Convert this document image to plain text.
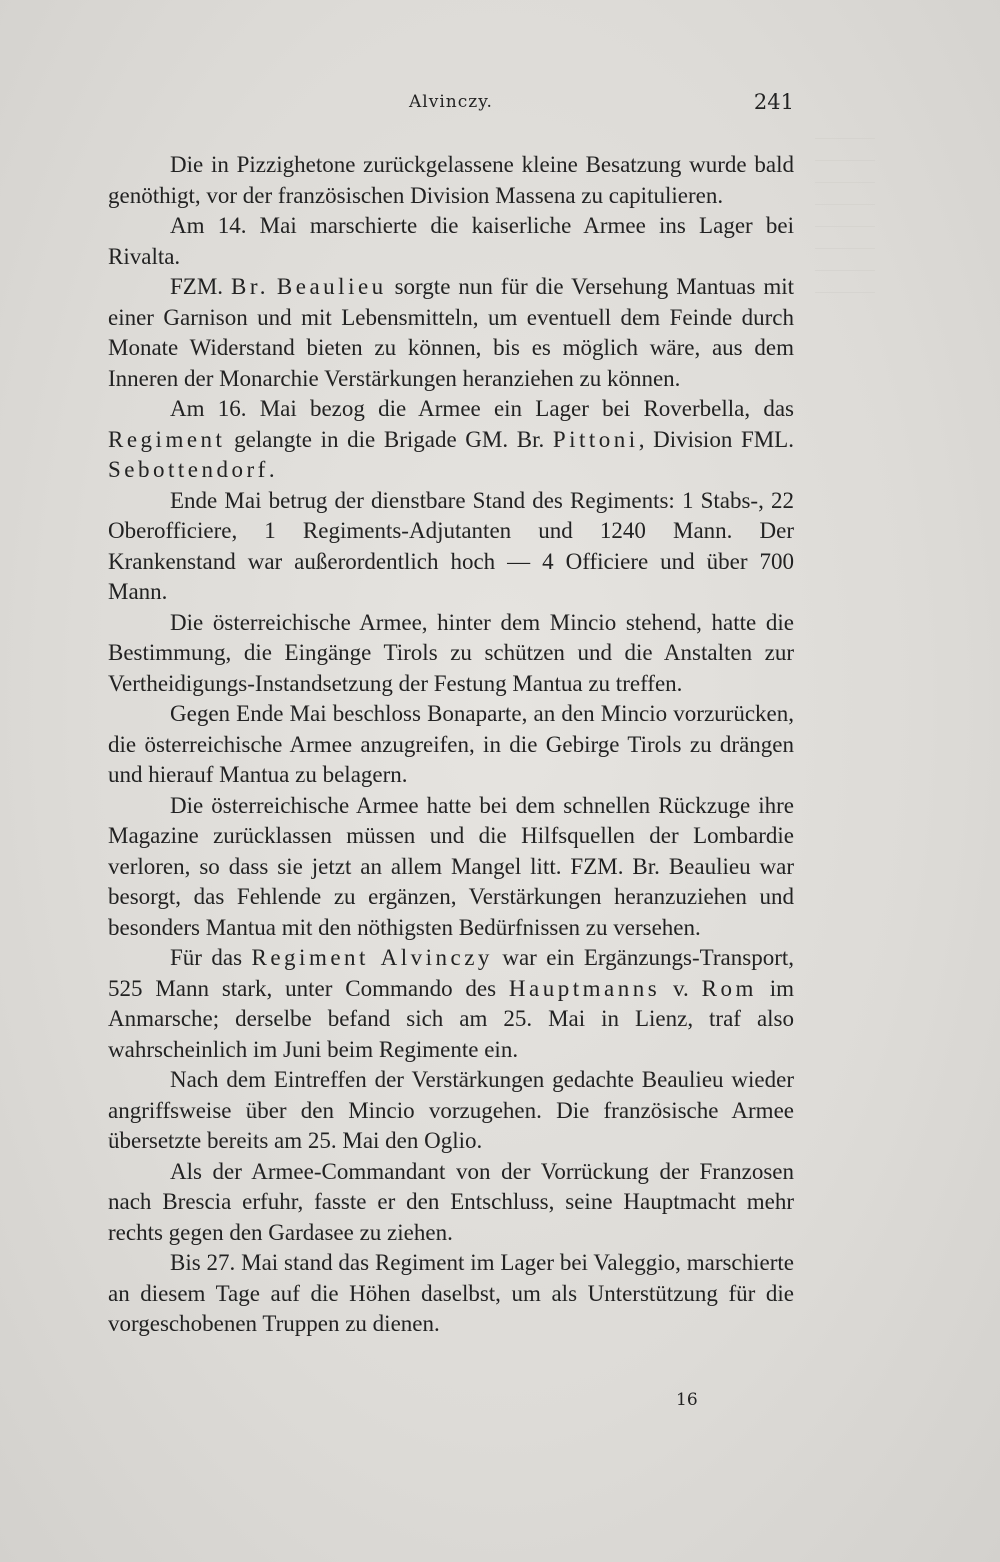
Alvinczy.	241

Die in Pizzighetone zurückgelassene kleine Besatzung wurde bald genöthigt, vor der französischen Division Massena zu capitulieren.

Am 14. Mai marschierte die kaiserliche Armee ins Lager bei Rivalta.

FZM. Br. Beaulieu sorgte nun für die Versehung Mantuas mit einer Garnison und mit Lebensmitteln, um eventuell dem Feinde durch Monate Widerstand bieten zu können, bis es möglich wäre, aus dem Inneren der Monarchie Verstärkungen heranziehen zu können.

Am 16. Mai bezog die Armee ein Lager bei Roverbella, das Regiment gelangte in die Brigade GM. Br. Pittoni, Division FML. Sebottendorf.

Ende Mai betrug der dienstbare Stand des Regiments: 1 Stabs-, 22 Oberofficiere, 1 Regiments-Adjutanten und 1240 Mann. Der Krankenstand war außerordentlich hoch — 4 Officiere und über 700 Mann.

Die österreichische Armee, hinter dem Mincio stehend, hatte die Bestimmung, die Eingänge Tirols zu schützen und die Anstalten zur Vertheidigungs-Instandsetzung der Festung Mantua zu treffen.

Gegen Ende Mai beschloss Bonaparte, an den Mincio vorzurücken, die österreichische Armee anzugreifen, in die Gebirge Tirols zu drängen und hierauf Mantua zu belagern.

Die österreichische Armee hatte bei dem schnellen Rückzuge ihre Magazine zurücklassen müssen und die Hilfsquellen der Lombardie verloren, so dass sie jetzt an allem Mangel litt. FZM. Br. Beaulieu war besorgt, das Fehlende zu ergänzen, Verstärkungen heranzuziehen und besonders Mantua mit den nöthigsten Bedürfnissen zu versehen.

Für das Regiment Alvinczy war ein Ergänzungs-Transport, 525 Mann stark, unter Commando des Hauptmanns v. Rom im Anmarsche; derselbe befand sich am 25. Mai in Lienz, traf also wahrscheinlich im Juni beim Regimente ein.

Nach dem Eintreffen der Verstärkungen gedachte Beaulieu wieder angriffsweise über den Mincio vorzugehen. Die französische Armee übersetzte bereits am 25. Mai den Oglio.

Als der Armee-Commandant von der Vorrückung der Franzosen nach Brescia erfuhr, fasste er den Entschluss, seine Hauptmacht mehr rechts gegen den Gardasee zu ziehen.

Bis 27. Mai stand das Regiment im Lager bei Valeggio, marschierte an diesem Tage auf die Höhen daselbst, um als Unterstützung für die vorgeschobenen Truppen zu dienen.

16
